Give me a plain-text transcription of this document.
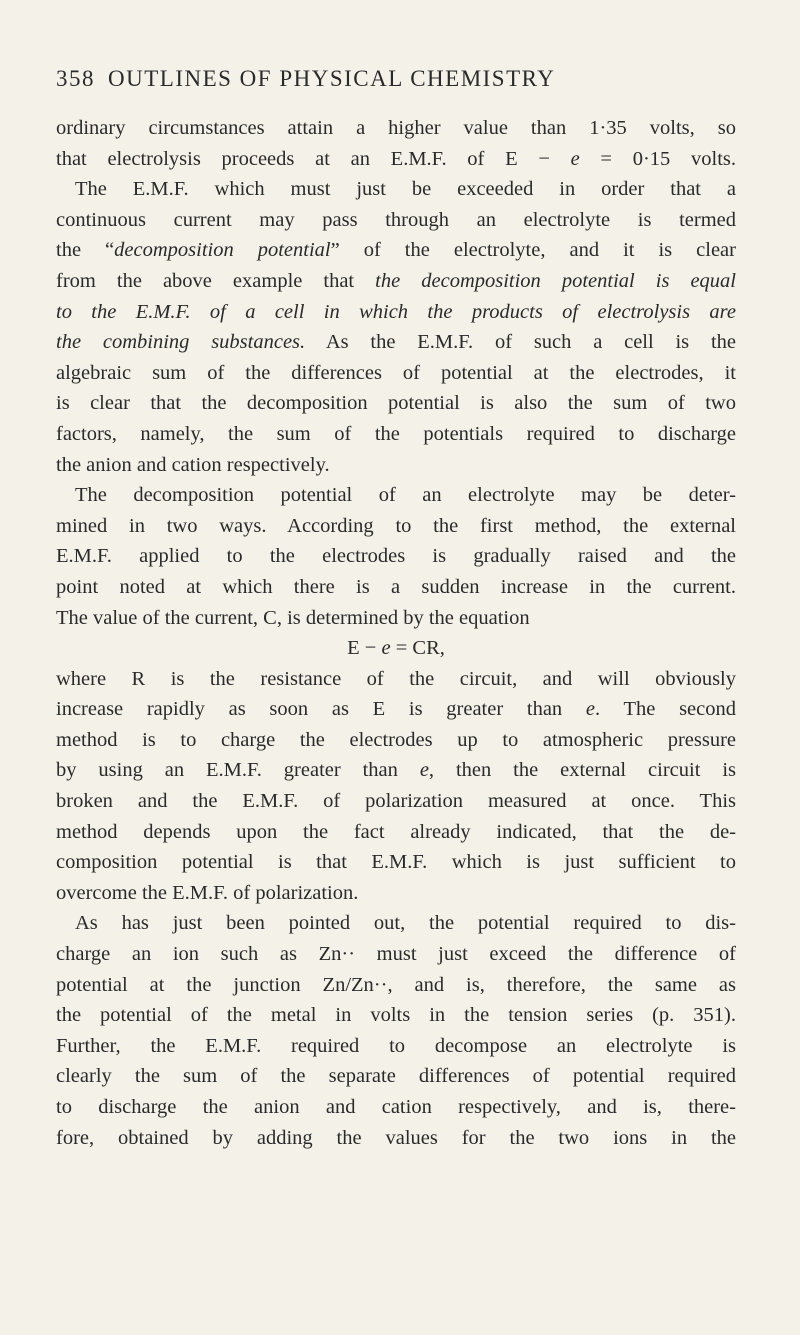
358 OUTLINES OF PHYSICAL CHEMISTRY
ordinary circumstances attain a higher value than 1·35 volts, so
that electrolysis proceeds at an E.M.F. of E − e = 0·15 volts.
The E.M.F. which must just be exceeded in order that a
continuous current may pass through an electrolyte is termed
the “decomposition potential” of the electrolyte, and it is clear
from the above example that the decomposition potential is equal
to the E.M.F. of a cell in which the products of electrolysis are
the combining substances. As the E.M.F. of such a cell is the
algebraic sum of the differences of potential at the electrodes, it
is clear that the decomposition potential is also the sum of two
factors, namely, the sum of the potentials required to discharge
the anion and cation respectively.
The decomposition potential of an electrolyte may be deter-
mined in two ways. According to the first method, the external
E.M.F. applied to the electrodes is gradually raised and the
point noted at which there is a sudden increase in the current.
The value of the current, C, is determined by the equation
E − e = CR,
where R is the resistance of the circuit, and will obviously
increase rapidly as soon as E is greater than e. The second
method is to charge the electrodes up to atmospheric pressure
by using an E.M.F. greater than e, then the external circuit is
broken and the E.M.F. of polarization measured at once. This
method depends upon the fact already indicated, that the de-
composition potential is that E.M.F. which is just sufficient to
overcome the E.M.F. of polarization.
As has just been pointed out, the potential required to dis-
charge an ion such as Zn·· must just exceed the difference of
potential at the junction Zn/Zn··, and is, therefore, the same as
the potential of the metal in volts in the tension series (p. 351).
Further, the E.M.F. required to decompose an electrolyte is
clearly the sum of the separate differences of potential required
to discharge the anion and cation respectively, and is, there-
fore, obtained by adding the values for the two ions in the
